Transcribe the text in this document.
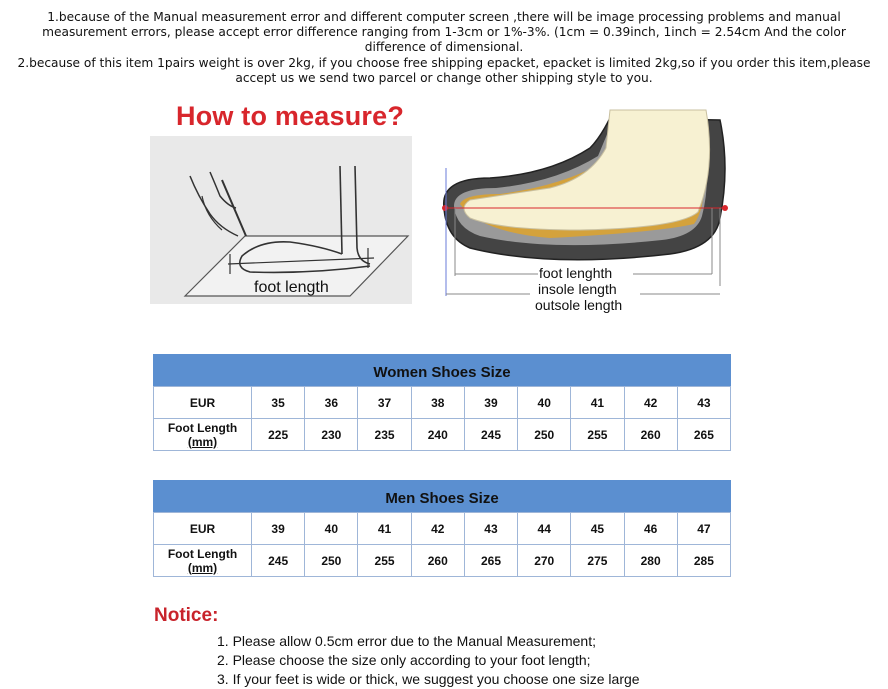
1.because of the Manual measurement error and different computer screen ,there will be image processing problems and manual measurement errors, please accept error difference ranging from 1-3cm or 1%-3%. (1cm = 0.39inch, 1inch = 2.54cm And the color difference of dimensional.
2.because of this item 1pairs weight is over 2kg, if you choose free shipping epacket, epacket is limited 2kg,so if you order this item,please accept us we send two parcel or change other shipping style to you.
How to measure?
foot length
foot lenghth
insole length
outsole length
Women Shoes Size
EUR	35	36	37	38	39	40	41	42	43
Foot Length
(mm)	225	230	235	240	245	250	255	260	265
Men Shoes Size
EUR	39	40	41	42	43	44	45	46	47
Foot Length
(mm)	245	250	255	260	265	270	275	280	285
Notice:
1. Please allow 0.5cm error due to the Manual Measurement;
2. Please choose the size only according to your foot length;
3. If your feet is wide or thick, we suggest you choose one size large
